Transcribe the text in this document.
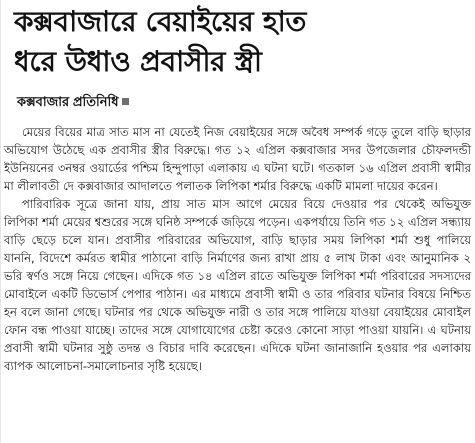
কক্সবাজারে বেয়াইয়ের হাত
ধরে উধাও প্রবাসীর স্ত্রী
কক্সবাজার প্রতিনিধি

মেয়ের বিয়ের মাত্র সাত মাস না যেতেই নিজ বেয়াইয়ের সঙ্গে অবৈধ সম্পর্ক গড়ে তুলে বাড়ি ছাড়ার অভিযোগ উঠেছে এক প্রবাসীর স্ত্রীর বিরুদ্ধে। গত ১২ এপ্রিল কক্সবাজার সদর উপজেলার চৌফলদন্ডী ইউনিয়নের ৩নম্বর ওয়ার্ডের পশ্চিম হিন্দুপাড়া এলাকায় এ ঘটনা ঘটে। গতকাল ১৬ এপ্রিল প্রবাসী স্বামীর মা লীলাবতী দে কক্সবাজার আদালতে পলাতক লিপিকা শর্মার বিরুদ্ধে একটি মামলা দায়ের করেন।

পারিবারিক সূত্রে জানা যায়, প্রায় সাত মাস আগে মেয়ের বিয়ে দেওয়ার পর থেকেই অভিযুক্ত লিপিকা শর্মা মেয়ের শ্বশুরের সঙ্গে ঘনিষ্ঠ সম্পর্কে জড়িয়ে পড়েন। একপর্যায়ে তিনি গত ১২ এপ্রিল সন্ধ্যায় বাড়ি ছেড়ে চলে যান। প্রবাসীর পরিবারের অভিযোগ, বাড়ি ছাড়ার সময় লিপিকা শর্মা শুধু পালিয়ে যাননি, বিদেশে কর্মরত স্বামীর পাঠানো বাড়ি নির্মাণের জন্য রাখা প্রায় ৫ লাখ টাকা এবং আনুমানিক ২ ভরি স্বর্ণও সঙ্গে নিয়ে গেছেন। এদিকে গত ১৪ এপ্রিল রাতে অভিযুক্ত লিপিকা শর্মা পরিবারের সদস্যদের মোবাইলে একটি ডিভোর্স পেপার পাঠান। এর মাধ্যমে প্রবাসী স্বামী ও তার পরিবার ঘটনার বিষয়ে নিশ্চিত হন বলে জানা গেছে। ঘটনার পর থেকে অভিযুক্ত নারী ও তার সঙ্গে পালিয়ে যাওয়া বেয়াইয়ের মোবাইল ফোন বন্ধ পাওয়া যাচ্ছে। তাদের সঙ্গে যোগাযোগের চেষ্টা করেও কোনো সাড়া পাওয়া যায়নি। এ ঘটনায় প্রবাসী স্বামী ঘটনার সুষ্ঠু তদন্ত ও বিচার দাবি করেছেন। এদিকে ঘটনা জানাজানি হওয়ার পর এলাকায় ব্যাপক আলোচনা-সমালোচনার সৃষ্টি হয়েছে।
